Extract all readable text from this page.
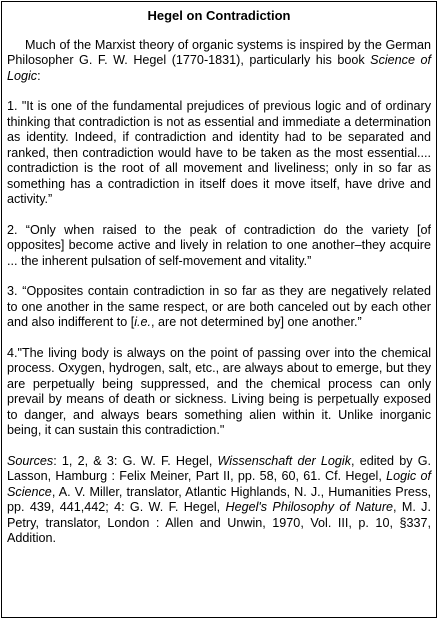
Hegel on Contradiction

Much of the Marxist theory of organic systems is inspired by the German Philosopher G. F. W. Hegel (1770-1831), particularly his book Science of Logic:

1. "It is one of the fundamental prejudices of previous logic and of ordinary thinking that contradiction is not as essential and immediate a determination as identity. Indeed, if contradiction and identity had to be separated and ranked, then contradiction would have to be taken as the most essential.... contradiction is the root of all movement and liveliness; only in so far as something has a contradiction in itself does it move itself, have drive and activity.”

2. “Only when raised to the peak of contradiction do the variety [of opposites] become active and lively in relation to one another–they acquire ... the inherent pulsation of self-movement and vitality.”

3. “Opposites contain contradiction in so far as they are negatively related to one another in the same respect, or are both canceled out by each other and also indifferent to [i.e., are not determined by] one another.”

4."The living body is always on the point of passing over into the chemical process. Oxygen, hydrogen, salt, etc., are always about to emerge, but they are perpetually being suppressed, and the chemical process can only prevail by means of death or sickness. Living being is perpetually exposed to danger, and always bears something alien within it. Unlike inorganic being, it can sustain this contradiction."

Sources: 1, 2, & 3: G. W. F. Hegel, Wissenschaft der Logik, edited by G. Lasson, Hamburg : Felix Meiner, Part II, pp. 58, 60, 61. Cf. Hegel, Logic of Science, A. V. Miller, translator, Atlantic Highlands, N. J., Humanities Press, pp. 439, 441,442; 4: G. W. F. Hegel, Hegel's Philosophy of Nature, M. J. Petry, translator, London : Allen and Unwin, 1970, Vol. III, p. 10, §337, Addition.
